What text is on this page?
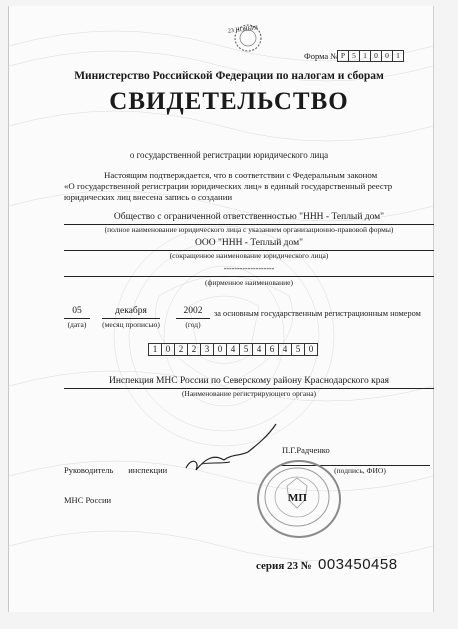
23 НОЯБРЯ
Форма № Р 5 1 0 0 1
Министерство Российской Федерации по налогам и сборам
СВИДЕТЕЛЬСТВО
о государственной регистрации юридического лица
Настоящим подтверждается, что в соответствии с Федеральным законом
«О государственной регистрации юридических лиц» в единый государственный реестр
юридических лиц внесена запись о создании
Общество с ограниченной ответственностью "ННН - Теплый дом"
(полное наименование юридического лица с указанием организационно-правовой формы)
ООО "ННН - Теплый дом"
(сокращенное наименование юридического лица)
-------------------
(фирменное наименование)
05
(дата)
декабря
(месяц прописью)
2002
(год)
за основным государственным регистрационным номером
1 0 2 2 3 0 4 5 4 6 4 5 0
Инспекция МНС России по Северскому району Краснодарского края
(Наименование регистрирующего органа)

Руководитель       инспекции

МНС России

П.Г.Радченко
(подпись, ФИО)
МП
серия 23 № 003450458
